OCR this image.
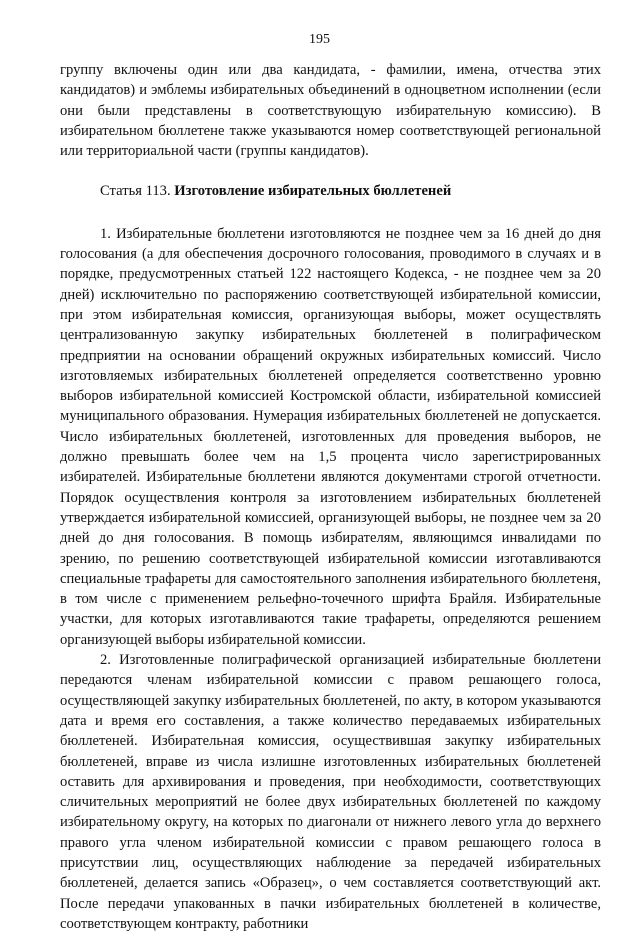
195

группу включены один или два кандидата, - фамилии, имена, отчества этих кандидатов) и эмблемы избирательных объединений в одноцветном исполнении (если они были представлены в соответствующую избирательную комиссию). В избирательном бюллетене также указываются номер соответствующей региональной или территориальной части (группы кандидатов).

Статья 113. Изготовление избирательных бюллетеней

1. Избирательные бюллетени изготовляются не позднее чем за 16 дней до дня голосования (а для обеспечения досрочного голосования, проводимого в случаях и в порядке, предусмотренных статьей 122 настоящего Кодекса, - не позднее чем за 20 дней) исключительно по распоряжению соответствующей избирательной комиссии, при этом избирательная комиссия, организующая выборы, может осуществлять централизованную закупку избирательных бюллетеней в полиграфическом предприятии на основании обращений окружных избирательных комиссий. Число изготовляемых избирательных бюллетеней определяется соответственно уровню выборов избирательной комиссией Костромской области, избирательной комиссией муниципального образования. Нумерация избирательных бюллетеней не допускается. Число избирательных бюллетеней, изготовленных для проведения выборов, не должно превышать более чем на 1,5 процента число зарегистрированных избирателей. Избирательные бюллетени являются документами строгой отчетности. Порядок осуществления контроля за изготовлением избирательных бюллетеней утверждается избирательной комиссией, организующей выборы, не позднее чем за 20 дней до дня голосования. В помощь избирателям, являющимся инвалидами по зрению, по решению соответствующей избирательной комиссии изготавливаются специальные трафареты для самостоятельного заполнения избирательного бюллетеня, в том числе с применением рельефно-точечного шрифта Брайля. Избирательные участки, для которых изготавливаются такие трафареты, определяются решением организующей выборы избирательной комиссии.

2. Изготовленные полиграфической организацией избирательные бюллетени передаются членам избирательной комиссии с правом решающего голоса, осуществляющей закупку избирательных бюллетеней, по акту, в котором указываются дата и время его составления, а также количество передаваемых избирательных бюллетеней. Избирательная комиссия, осуществившая закупку избирательных бюллетеней, вправе из числа излишне изготовленных избирательных бюллетеней оставить для архивирования и проведения, при необходимости, соответствующих сличительных мероприятий не более двух избирательных бюллетеней по каждому избирательному округу, на которых по диагонали от нижнего левого угла до верхнего правого угла членом избирательной комиссии с правом решающего голоса в присутствии лиц, осуществляющих наблюдение за передачей избирательных бюллетеней, делается запись «Образец», о чем составляется соответствующий акт. После передачи упакованных в пачки избирательных бюллетеней в количестве, соответствующем контракту, работники
